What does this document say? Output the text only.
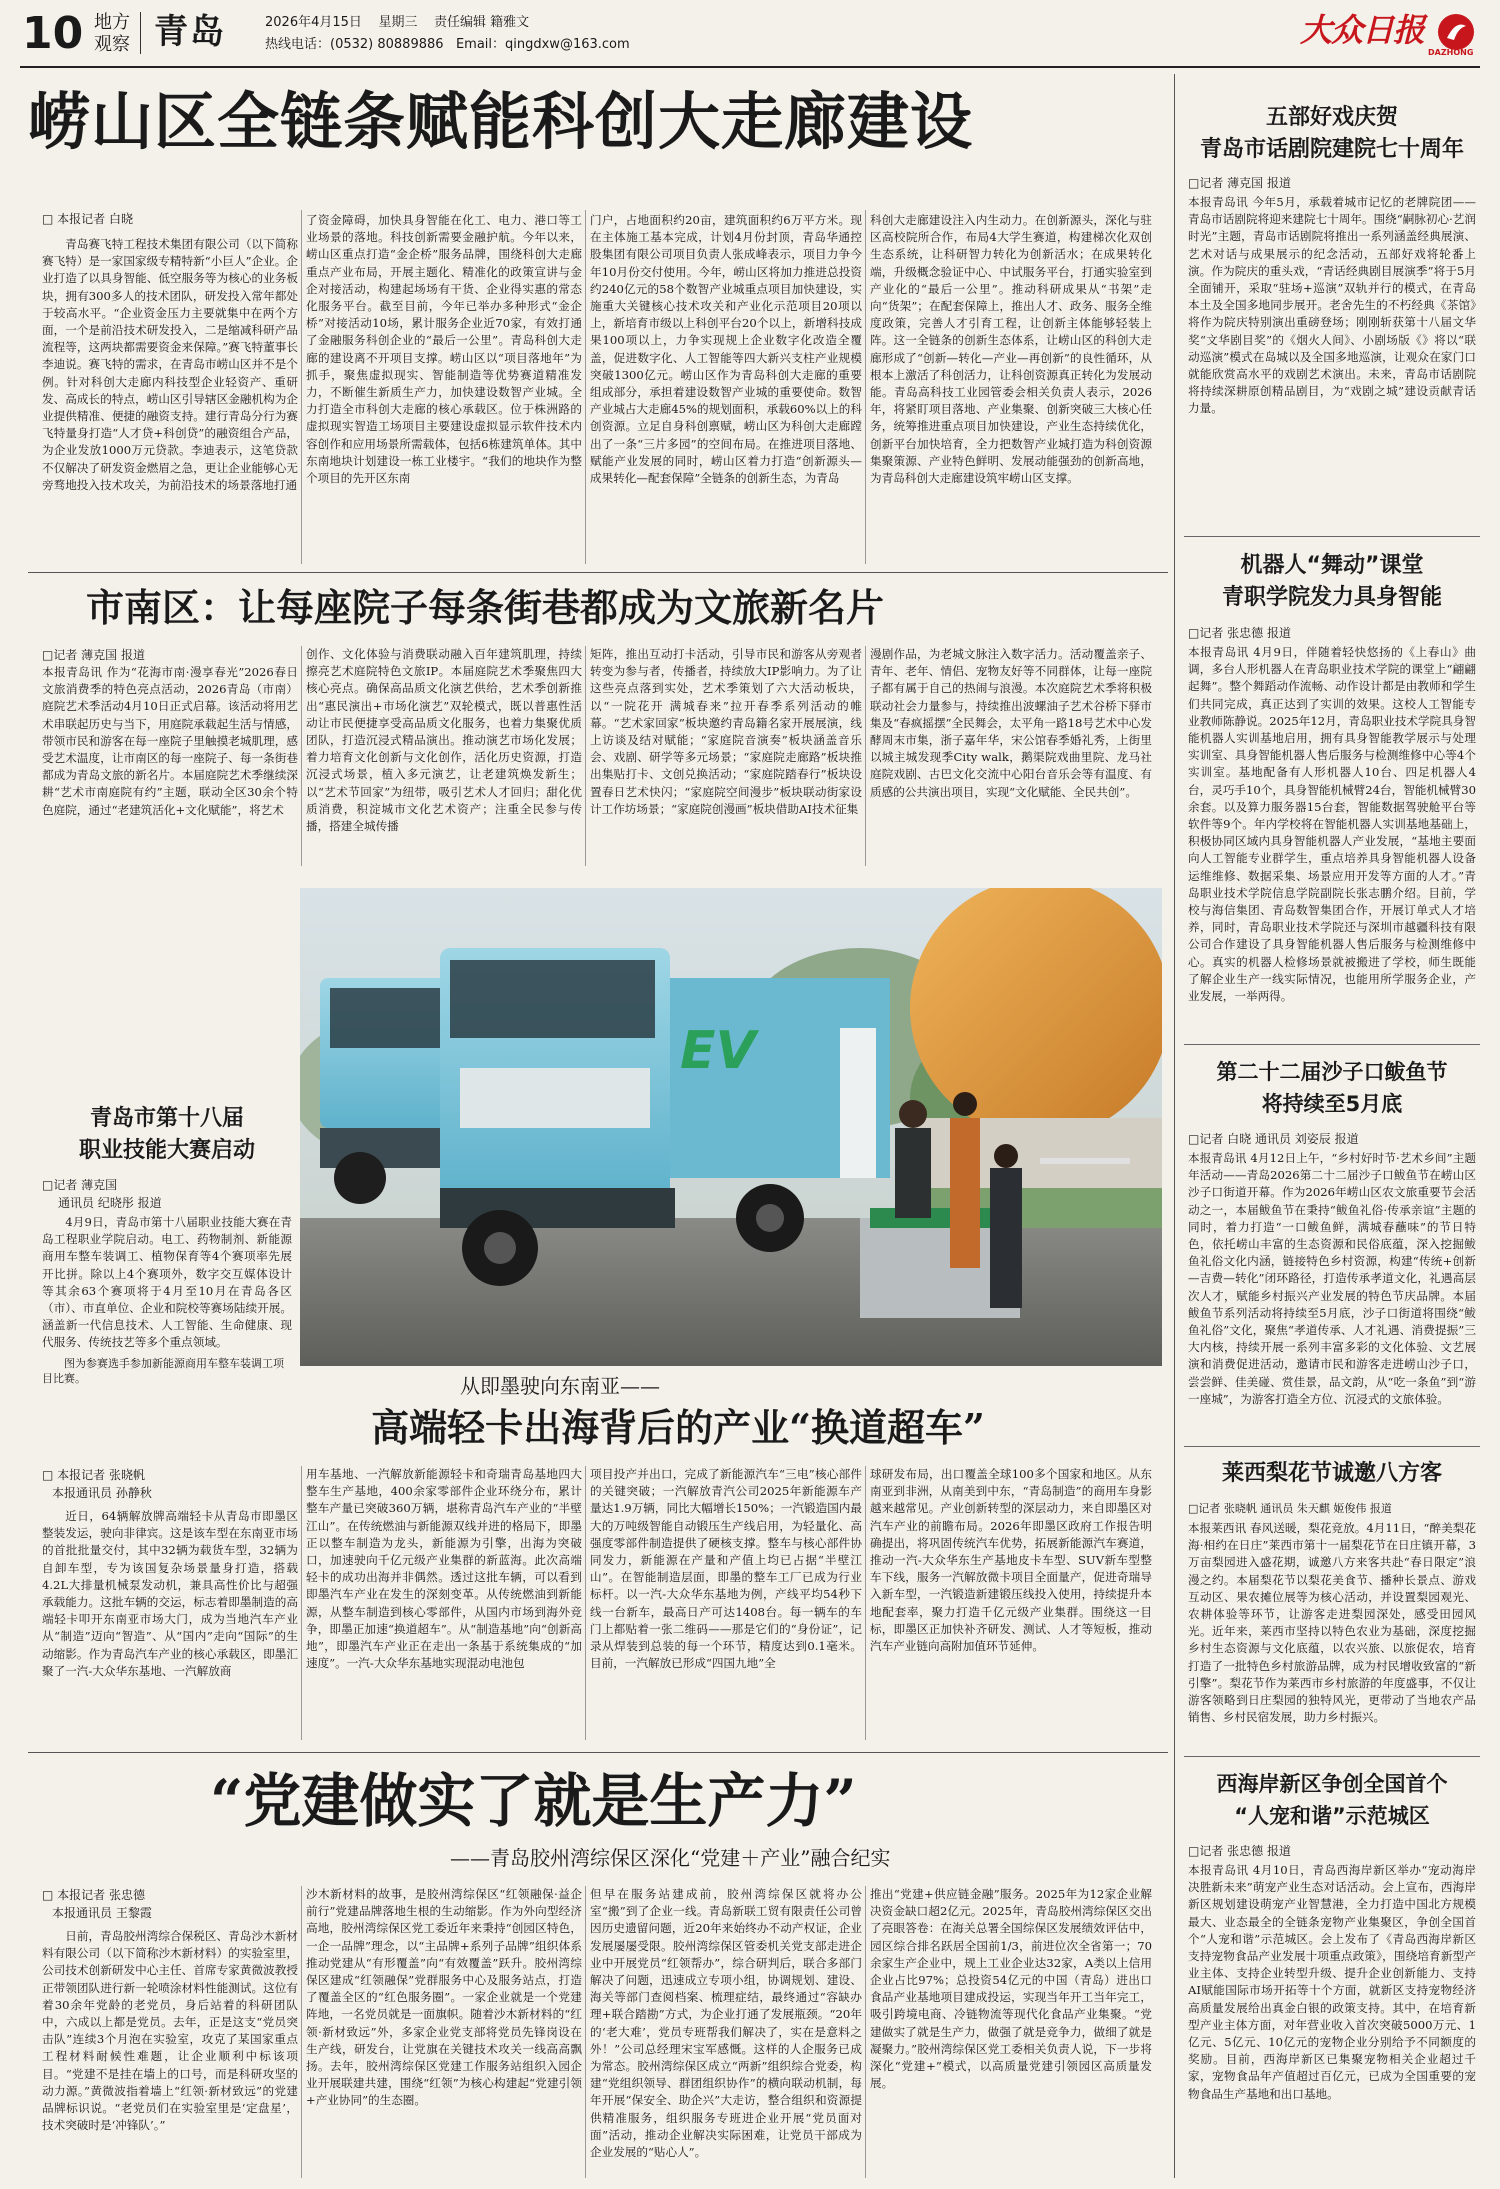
10 地方
观察 青岛	2026年4月15日 星期三 责任编辑 籍雅文
热线电话：(0532) 80889886 Email：qingdxw@163.com	大众日报
DAZHONG
崂山区全链条赋能科创大走廊建设
□ 本报记者 白晓
青岛赛飞特工程技术集团有限公司（以下简称赛飞特）是一家国家级专精特新“小巨人”企业。企业打造了以具身智能、低空服务等为核心的业务板块，拥有300多人的技术团队，研发投入常年都处于较高水平。“企业资金压力主要就集中在两个方面，一个是前沿技术研发投入，二是缩减科研产品流程等，这两块都需要资金来保障。”赛飞特董事长李迪说。赛飞特的需求，在青岛市崂山区并不是个例。针对科创大走廊内科技型企业轻资产、重研发、高成长的特点，崂山区引导辖区金融机构为企业提供精准、便捷的融资支持。建行青岛分行为赛飞特量身打造“人才贷+科创贷”的融资组合产品，为企业发放1000万元贷款。李迪表示，这笔贷款不仅解决了研发资金燃眉之急，更让企业能够心无旁骛地投入技术攻关，为前沿技术的场景落地打通
了资金障碍，加快具身智能在化工、电力、港口等工业场景的落地。科技创新需要金融护航。今年以来，崂山区重点打造“金企桥”服务品牌，围绕科创大走廊重点产业布局，开展主题化、精准化的政策宣讲与金企对接活动，构建起场场有干货、企业得实惠的常态化服务平台。截至目前，今年已举办多种形式“金企桥”对接活动10场，累计服务企业近70家，有效打通了金融服务科创企业的“最后一公里”。青岛科创大走廊的建设离不开项目支撑。崂山区以“项目落地年”为抓手，聚焦虚拟现实、智能制造等优势赛道精准发力，不断催生新质生产力，加快建设数智产业城。全力打造全市科创大走廊的核心承载区。位于株洲路的虚拟现实智造工场项目主要建设虚拟显示软件技术内容创作和应用场景所需载体，包括6栋建筑单体。其中东南地块计划建设一栋工业楼宇。“我们的地块作为整个项目的先开区东南
门户，占地面积约20亩，建筑面积约6万平方米。现在主体施工基本完成，计划4月份封顶，青岛华通控股集团有限公司项目负责人张成峰表示，项目力争今年10月份交付使用。今年，崂山区将加力推进总投资约240亿元的58个数智产业城重点项目加快建设，实施重大关键核心技术攻关和产业化示范项目20项以上，新培育市级以上科创平台20个以上，新增科技成果100项以上，力争实现规上企业数字化改造全覆盖，促进数字化、人工智能等四大新兴支柱产业规模突破1300亿元。崂山区作为青岛科创大走廊的重要组成部分，承担着建设数智产业城的重要使命。数智产业城占大走廊45%的规划面积，承载60%以上的科创资源。立足自身科创禀赋，崂山区为科创大走廊蹚出了一条“三片多园”的空间布局。在推进项目落地、赋能产业发展的同时，崂山区着力打造“创新源头—成果转化—配套保障”全链条的创新生态，为青岛
科创大走廊建设注入内生动力。在创新源头，深化与驻区高校院所合作，布局4大学生赛道，构建梯次化双创生态系统，让科研智力转化为创新活水；在成果转化端，升级概念验证中心、中试服务平台，打通实验室到产业化的“最后一公里”。推动科研成果从“书架”走向“货架”；在配套保障上，推出人才、政务、服务全维度政策，完善人才引育工程，让创新主体能够轻装上阵。这一全链条的创新生态体系，让崂山区的科创大走廊形成了“创新—转化—产业—再创新”的良性循环，从根本上激活了科创活力，让科创资源真正转化为发展动能。青岛高科技工业园管委会相关负责人表示，2026年，将紧盯项目落地、产业集聚、创新突破三大核心任务，统筹推进重点项目加快建设，产业生态持续优化，创新平台加快培育，全力把数智产业城打造为科创资源集聚策源、产业特色鲜明、发展动能强劲的创新高地，为青岛科创大走廊建设筑牢崂山区支撑。
市南区：让每座院子每条街巷都成为文旅新名片
□记者 薄克国 报道
本报青岛讯 作为“花海市南·漫享春光”2026春日文旅消费季的特色亮点活动，2026青岛（市南）庭院艺术季活动4月10日正式启幕。该活动将用艺术串联起历史与当下，用庭院承载起生活与情感，带领市民和游客在每一座院子里触摸老城肌理，感受艺术温度，让市南区的每一座院子、每一条街巷都成为青岛文旅的新名片。本届庭院艺术季继续深耕“艺术市南庭院有约”主题，联动全区30余个特色庭院，通过“老建筑活化+文化赋能”，将艺术
创作、文化体验与消费联动融入百年建筑肌理，持续擦亮艺术庭院特色文旅IP。本届庭院艺术季聚焦四大核心亮点。确保高品质文化演艺供给，艺术季创新推出“惠民演出+市场化演艺”双轮模式，既以普惠性活动让市民便捷享受高品质文化服务，也着力集聚优质团队，打造沉浸式精品演出。推动演艺市场化发展；着力培育文化创新与文化创作，活化历史资源，打造沉浸式场景，植入多元演艺，让老建筑焕发新生；以“艺术节回家”为纽带，吸引艺术人才回归；甜化优质消费，积淀城市文化艺术资产；注重全民参与传播，搭建全城传播
矩阵，推出互动打卡活动，引导市民和游客从旁观者转变为参与者，传播者，持续放大IP影响力。为了让这些亮点落到实处，艺术季策划了六大活动板块，以“一院花开 满城春来”拉开春季系列活动的帷幕。“艺术家回家”板块邀约青岛籍名家开展展演，线上访谈及结对赋能；“家庭院音演奏”板块涵盖音乐会、戏剧、研学等多元场景；“家庭院走廊路”板块推出集贴打卡、文创兑换活动；“家庭院踏春行”板块设置春日艺术快闪；“家庭院空间漫步”板块联动街家设计工作坊场景；“家庭院创漫画”板块借助AI技术征集
漫剧作品，为老城文脉注入数字活力。活动覆盖亲子、青年、老年、情侣、宠物友好等不同群体，让每一座院子都有属于自己的热闹与浪漫。本次庭院艺术季将积极联动社会力量参与，持续推出波螺油子艺术谷桥下驿市集及“春疯摇摆”全民舞会，太平角一路18号艺术中心发酵周末市集，浙子嘉年华，宋公馆春季婚礼秀，上街里以城主城发现季City walk，鹅渠院戏曲里院、龙马社庭院戏剧、古巴文化交流中心阳台音乐会等有温度、有质感的公共演出项目，实现“文化赋能、全民共创”。
EV
青岛市第十八届
职业技能大赛启动
□记者 薄克国
通讯员 纪晓彤 报道
4月9日，青岛市第十八届职业技能大赛在青岛工程职业学院启动。电工、药物制剂、新能源商用车整车装调工、植物保育等4个赛项率先展开比拼。除以上4个赛项外，数字交互媒体设计等其余63个赛项将于4月至10月在青岛各区（市）、市直单位、企业和院校等赛场陆续开展。涵盖新一代信息技术、人工智能、生命健康、现代服务、传统技艺等多个重点领域。
图为参赛选手参加新能源商用车整车装调工项目比赛。	从即墨驶向东南亚——
高端轻卡出海背后的产业“换道超车”
□ 本报记者 张晓帆
本报通讯员 孙静秋
近日，64辆解放牌高端轻卡从青岛市即墨区整装发运，驶向非律宾。这是该车型在东南亚市场的首批批量交付，其中32辆为载货车型，32辆为自卸车型，专为该国复杂场景量身打造，搭载4.2L大排量机械泵发动机，兼具高性价比与超强承载能力。这批车辆的交运，标志着即墨制造的高端轻卡叩开东南亚市场大门，成为当地汽车产业从“制造”迈向“智造”、从“国内”走向“国际”的生动缩影。作为青岛汽车产业的核心承载区，即墨汇聚了一汽-大众华东基地、一汽解放商
用车基地、一汽解放新能源轻卡和奇瑞青岛基地四大整车生产基地，400余家零部件企业环绕分布，累计整车产量已突破360万辆，堪称青岛汽车产业的“半壁江山”。在传统燃油与新能源双线并进的格局下，即墨正以整车制造为龙头，新能源为引擎，出海为突破口，加速驶向千亿元级产业集群的新蓝海。此次高端轻卡的成功出海并非偶然。透过这批车辆，可以看到即墨汽车产业在发生的深刻变革。从传统燃油到新能源，从整车制造到核心零部件，从国内市场到海外竞争，即墨正加速“换道超车”。从“制造基地”向“创新高地”，即墨汽车产业正在走出一条基于系统集成的“加速度”。一汽-大众华东基地实现混动电池包
项目投产并出口，完成了新能源汽车“三电”核心部件的关键突破；一汽解放青汽公司2025年新能源车产量达1.9万辆，同比大幅增长150%；一汽锻造国内最大的万吨级智能自动锻压生产线启用，为轻量化、高强度零部件制造提供了硬核支撑。整车与核心部件协同发力，新能源在产量和产值上均已占据“半壁江山”。在智能制造层面，即墨的整车工厂已成为行业标杆。以一汽-大众华东基地为例，产线平均54秒下线一台新车，最高日产可达1408台。每一辆车的车门上都贴着一张二维码——那是它们的“身份证”，记录从焊装到总装的每一个环节，精度达到0.1毫米。目前，一汽解放已形成“四国九地”全
球研发布局，出口覆盖全球100多个国家和地区。从东南亚到非洲，从南美到中东，“青岛制造”的商用车身影越来越常见。产业创新转型的深层动力，来自即墨区对汽车产业的前瞻布局。2026年即墨区政府工作报告明确提出，将巩固传统汽车优势，拓展新能源汽车赛道，推动一汽-大众华东生产基地皮卡车型、SUV新车型整车下线，服务一汽解放微卡项目全面量产，促进奇瑞导入新车型，一汽锻造新建锻压线投入使用，持续提升本地配套率，聚力打造千亿元级产业集群。围绕这一目标，即墨区正加快补齐研发、测试、人才等短板，推动汽车产业链向高附加值环节延伸。
“党建做实了就是生产力”
——青岛胶州湾综保区深化“党建＋产业”融合纪实
□ 本报记者 张忠德
本报通讯员 王黎霞
日前，青岛胶州湾综合保税区、青岛沙木新材料有限公司（以下简称沙木新材料）的实验室里，公司技术创新研发中心主任、首席专家黄微波教授正带领团队进行新一轮喷涂材料性能测试。这位有着30余年党龄的老党员，身后站着的科研团队中，六成以上都是党员。去年，正是这支“党员突击队”连续3个月泡在实验室，攻克了某国家重点工程材料耐候性难题，让企业顺利中标该项目。“党建不是挂在墙上的口号，而是科研攻坚的动力源。”黄微波指着墙上“红领·新材致远”的党建品牌标识说。“老党员们在实验室里是‘定盘星’，技术突破时是‘冲锋队’。”
沙木新材料的故事，是胶州湾综保区“红领融保·益企前行”党建品牌落地生根的生动缩影。作为外向型经济高地，胶州湾综保区党工委近年来秉持“创园区特色，一企一品牌”理念，以“主品牌+系列子品牌”组织体系推动党建从“有形覆盖”向“有效覆盖”跃升。胶州湾综保区建成“红领融保”党群服务中心及服务站点，打造了覆盖全区的“红色服务圈”。一家企业就是一个党建阵地，一名党员就是一面旗帜。随着沙木新材料的“红领·新材致远”外，多家企业党支部将党员先锋岗设在生产线，研发台，让党旗在关键技术攻关一线高高飘扬。去年，胶州湾综保区党建工作服务站组织入园企业开展联建共建，围绕“红领”为核心构建起“党建引领+产业协同”的生态圈。
但早在服务站建成前，胶州湾综保区就将办公室“搬”到了企业一线。青岛新联工贸有限责任公司曾因历史遗留问题，近20年来始终办不动产权证，企业发展屡屡受限。胶州湾综保区管委机关党支部走进企业中开展党员“红领帮办”，综合研判后，联合多部门解决了问题，迅速成立专项小组，协调规划、建设、海关等部门查阅档案、梳理症结，最终通过“容缺办理+联合踏勘”方式，为企业打通了发展瓶颈。“20年的‘老大难’，党员专班帮我们解决了，实在是意料之外！”公司总经理宋宝军感慨。这样的人企服务已成为常态。胶州湾综保区成立“两新”组织综合党委，构建“党组织领导、群团组织协作”的横向联动机制，每年开展“保安全、助企兴”大走访，整合组织和资源提供精准服务，组织服务专班进企业开展“党员面对面”活动，推动企业解决实际困难，让党员干部成为企业发展的“贴心人”。
推出“党建+供应链金融”服务。2025年为12家企业解决资金缺口超2亿元。2025年，青岛胶州湾综保区交出了亮眼答卷：在海关总署全国综保区发展绩效评估中，园区综合排名跃居全国前1/3，前进位次全省第一；70余家生产企业中，规上工业企业达32家，A类以上信用企业占比97%；总投资54亿元的中国（青岛）进出口食品产业基地项目建成投运，实现当年开工当年完工，吸引跨境电商、冷链物流等现代化食品产业集聚。“党建做实了就是生产力，做强了就是竞争力，做细了就是凝聚力。”胶州湾综保区党工委相关负责人说，下一步将深化“党建+”模式，以高质量党建引领园区高质量发展。
五部好戏庆贺
青岛市话剧院建院七十周年
□记者 薄克国 报道
本报青岛讯 今年5月，承载着城市记忆的老牌院团——青岛市话剧院将迎来建院七十周年。围绕“嗣脉初心·艺润时光”主题，青岛市话剧院将推出一系列涵盖经典展演、艺术对话与成果展示的纪念活动，五部好戏将轮番上演。作为院庆的重头戏，“青话经典剧目展演季”将于5月全面铺开，采取“驻场+巡演”双轨并行的模式，在青岛本土及全国多地同步展开。老舍先生的不朽经典《茶馆》将作为院庆特别演出重磅登场；刚刚斩获第十八届文华奖“文华剧目奖”的《烟火人间》、小剧场版《》将以“联动巡演”模式在岛城以及全国多地巡演，让观众在家门口就能欣赏高水平的戏剧艺术演出。未来，青岛市话剧院将持续深耕原创精品剧目，为“戏剧之城”建设贡献青话力量。
机器人“舞动”课堂
青职学院发力具身智能
□记者 张忠德 报道
本报青岛讯 4月9日，伴随着轻快悠扬的《上春山》曲调，多台人形机器人在青岛职业技术学院的课堂上“翩翩起舞”。整个舞蹈动作流畅、动作设计都是由教师和学生们共同完成，真正达到了实训的效果。这校人工智能专业教师陈静说。2025年12月，青岛职业技术学院具身智能机器人实训基地启用，拥有具身智能教学展示与处理实训室、具身智能机器人售后服务与检测维修中心等4个实训室。基地配备有人形机器人10台、四足机器人4台，灵巧手10个，具身智能机械臂24台，智能机械臂30余套。以及算力服务器15台套，智能数据驾驶舱平台等软件等9个。年内学校将在智能机器人实训基地基础上，积极协同区域内具身智能机器人产业发展，“基地主要面向人工智能专业群学生，重点培养具身智能机器人设备运维维修、数据采集、场景应用开发等方面的人才。”青岛职业技术学院信息学院副院长张志鹏介绍。目前，学校与海信集团、青岛数智集团合作，开展订单式人才培养，同时，青岛职业技术学院还与深圳市越疆科技有限公司合作建设了具身智能机器人售后服务与检测维修中心。真实的机器人检修场景就被搬进了学校，师生既能了解企业生产一线实际情况，也能用所学服务企业，产业发展，一举两得。
第二十二届沙子口鲅鱼节
将持续至5月底
□记者 白晓 通讯员 刘姿辰 报道
本报青岛讯 4月12日上午，“乡村好时节·艺术乡间”主题年活动——青岛2026第二十二届沙子口鲅鱼节在崂山区沙子口街道开幕。作为2026年崂山区农文旅重要节会活动之一，本届鲅鱼节在秉持“鲅鱼礼俗·传承亲谊”主题的同时，着力打造“一口鲅鱼鲜，满城春蘸味”的节日特色，依托崂山丰富的生态资源和民俗底蕴，深入挖掘鲅鱼礼俗文化内涵，链接特色乡村资源，构建“传统+创新—吉费—转化”闭环路径，打造传承孝道文化，礼遇高层次人才，赋能乡村振兴产业发展的特色节庆品牌。本届鲅鱼节系列活动将持续至5月底，沙子口街道将围绕“鲅鱼礼俗”文化，聚焦“孝道传承、人才礼遇、消费提振”三大内核，持续开展一系列丰富多彩的文化体验、文艺展演和消费促进活动，邀请市民和游客走进崂山沙子口，尝尝鲜、佳美碰、赏佳景，品文韵，从“吃一条鱼”到“游一座城”，为游客打造全方位、沉浸式的文旅体验。
莱西梨花节诚邀八方客
□记者 张晓帆 通讯员 朱天麒 姬俊伟 报道
本报莱西讯 春风送暖，梨花竞放。4月11日，“醉美梨花海·相约在日庄”莱西市第十一届梨花节在日庄镇开幕，3万亩梨园进入盛花期，诚邀八方来客共赴“春日限定”浪漫之约。本届梨花节以梨花美食节、播种长景点、游戏互动区、果农摊位展等为核心活动，并设置梨园观光、农耕体验等环节，让游客走进梨园深处，感受田园风光。近年来，莱西市坚持以特色农业为基础，深度挖掘乡村生态资源与文化底蕴，以农兴旅、以旅促农，培育打造了一批特色乡村旅游品牌，成为村民增收致富的“新引擎”。梨花节作为莱西市乡村旅游的年度盛事，不仅让游客领略到日庄梨园的独特风光，更带动了当地农产品销售、乡村民宿发展，助力乡村振兴。
西海岸新区争创全国首个
“人宠和谐”示范城区
□记者 张忠德 报道
本报青岛讯 4月10日，青岛西海岸新区举办“宠动海岸 决胜新未来”萌宠产业生态对话活动。会上宣布，西海岸新区规划建设萌宠产业智慧港，全力打造中国北方规模最大、业态最全的全链条宠物产业集聚区，争创全国首个“人宠和谐”示范城区。会上发布了《青岛西海岸新区支持宠物食品产业发展十项重点政策》，围绕培育新型产业主体、支持企业转型升级、提升企业创新能力、支持AI赋能国际市场开拓等十个方面，就新区支持宠物经济高质量发展给出真金白银的政策支持。其中，在培育新型产业主体方面，对年营业收入首次突破5000万元、1亿元、5亿元、10亿元的宠物企业分别给予不同额度的奖励。目前，西海岸新区已集聚宠物相关企业超过千家，宠物食品年产值超过百亿元，已成为全国重要的宠物食品生产基地和出口基地。
